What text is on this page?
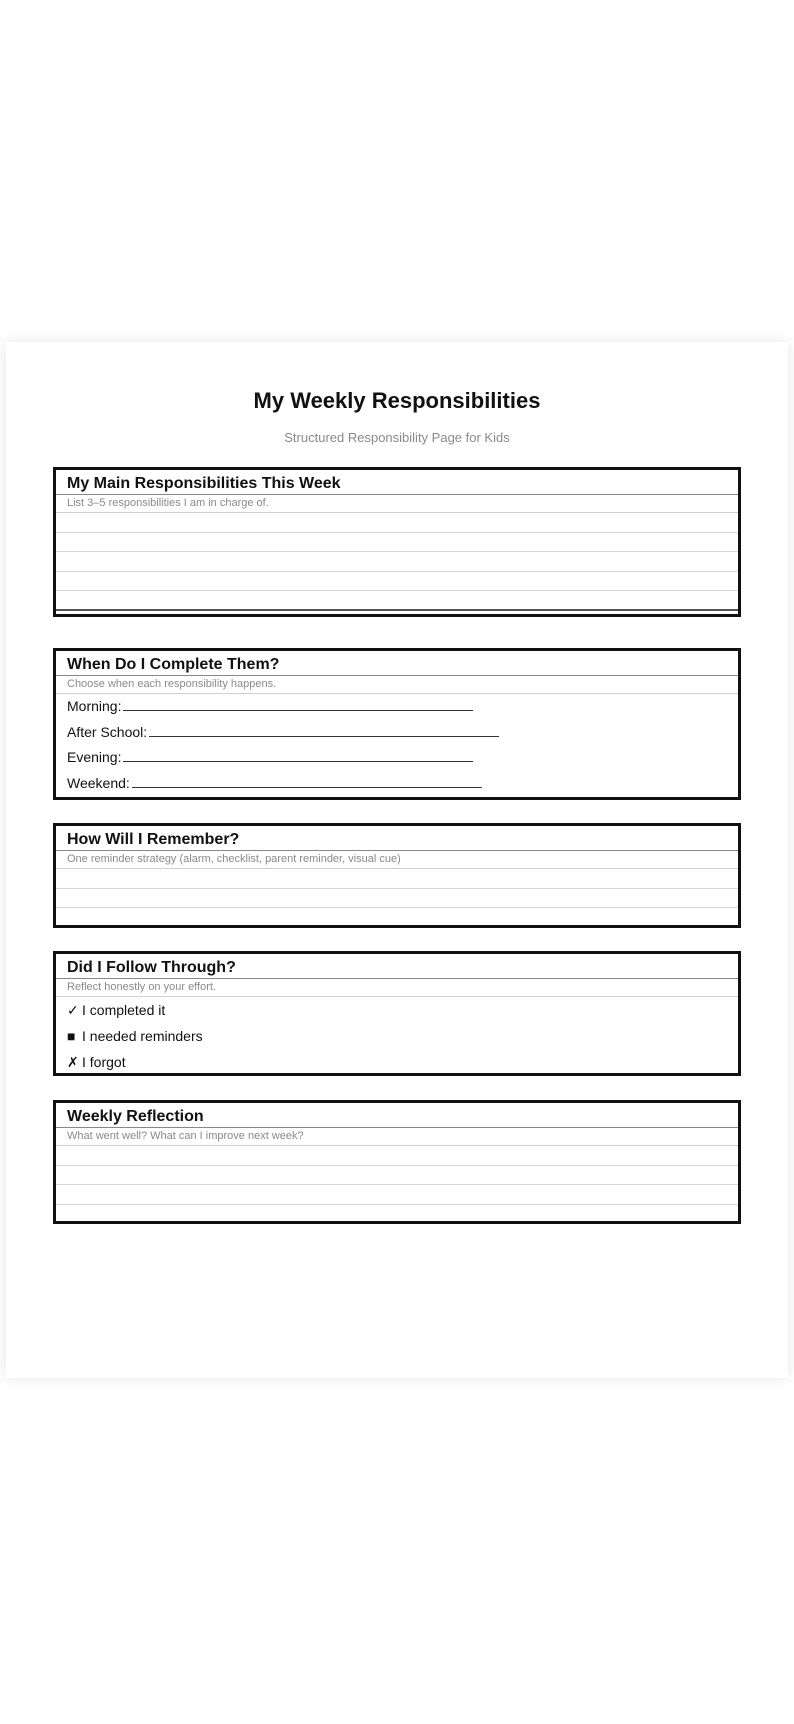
My Weekly Responsibilities
Structured Responsibility Page for Kids
My Main Responsibilities This Week
List 3–5 responsibilities I am in charge of.
When Do I Complete Them?
Choose when each responsibility happens.
Morning:
After School:
Evening:
Weekend:
How Will I Remember?
One reminder strategy (alarm, checklist, parent reminder, visual cue)
Did I Follow Through?
Reflect honestly on your effort.
✓ I completed it
■ I needed reminders
✗ I forgot
Weekly Reflection
What went well? What can I improve next week?
